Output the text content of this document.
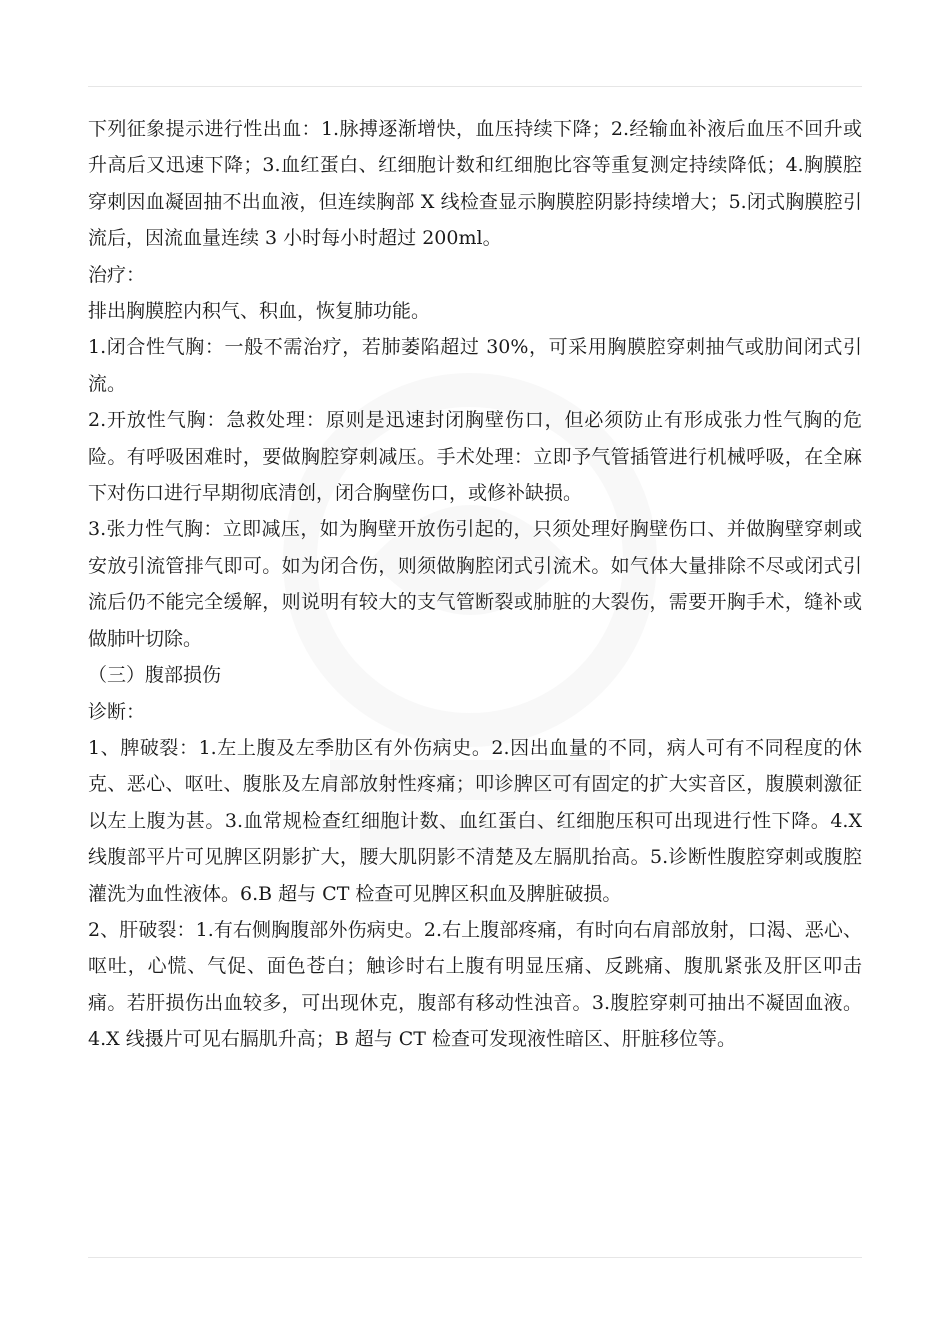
下列征象提示进行性出血：1.脉搏逐渐增快，血压持续下降；2.经输血补液后血压不回升或升高后又迅速下降；3.血红蛋白、红细胞计数和红细胞比容等重复测定持续降低；4.胸膜腔穿刺因血凝固抽不出血液，但连续胸部 X 线检查显示胸膜腔阴影持续增大；5.闭式胸膜腔引流后，因流血量连续 3 小时每小时超过 200ml。

治疗：

排出胸膜腔内积气、积血，恢复肺功能。

1.闭合性气胸：一般不需治疗，若肺萎陷超过 30%，可采用胸膜腔穿刺抽气或肋间闭式引流。

2.开放性气胸：急救处理：原则是迅速封闭胸壁伤口，但必须防止有形成张力性气胸的危险。有呼吸困难时，要做胸腔穿刺减压。手术处理：立即予气管插管进行机械呼吸，在全麻下对伤口进行早期彻底清创，闭合胸壁伤口，或修补缺损。

3.张力性气胸：立即减压，如为胸壁开放伤引起的，只须处理好胸壁伤口、并做胸壁穿刺或安放引流管排气即可。如为闭合伤，则须做胸腔闭式引流术。如气体大量排除不尽或闭式引流后仍不能完全缓解，则说明有较大的支气管断裂或肺脏的大裂伤，需要开胸手术，缝补或做肺叶切除。

（三）腹部损伤

诊断：

1、脾破裂：1.左上腹及左季肋区有外伤病史。2.因出血量的不同，病人可有不同程度的休克、恶心、呕吐、腹胀及左肩部放射性疼痛；叩诊脾区可有固定的扩大实音区，腹膜刺激征以左上腹为甚。3.血常规检查红细胞计数、血红蛋白、红细胞压积可出现进行性下降。4.X 线腹部平片可见脾区阴影扩大，腰大肌阴影不清楚及左膈肌抬高。5.诊断性腹腔穿刺或腹腔灌洗为血性液体。6.B 超与 CT 检查可见脾区积血及脾脏破损。

2、肝破裂：1.有右侧胸腹部外伤病史。2.右上腹部疼痛，有时向右肩部放射，口渴、恶心、呕吐，心慌、气促、面色苍白；触诊时右上腹有明显压痛、反跳痛、腹肌紧张及肝区叩击痛。若肝损伤出血较多，可出现休克，腹部有移动性浊音。3.腹腔穿刺可抽出不凝固血液。4.X 线摄片可见右膈肌升高；B 超与 CT 检查可发现液性暗区、肝脏移位等。
